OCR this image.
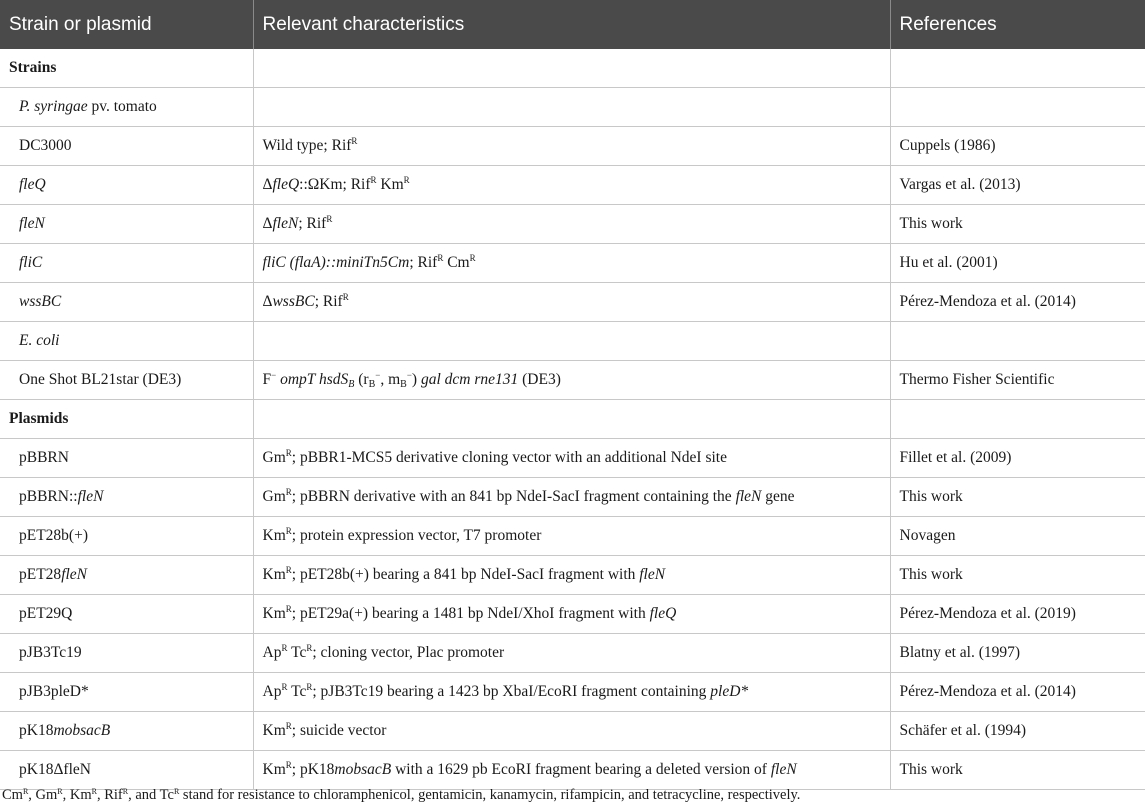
Strain or plasmid	Relevant characteristics	References
Strains		
P. syringae pv. tomato		
DC3000	Wild type; Rif$^R$	Cuppels (1986)
fleQ	ΔfleQ::ΩKm; Rif$^R$ $Km^R$	Vargas et al. (2013)
fleN	ΔfleN; Rif$^R$	This work
fliC	fliC (flaA)::miniTn5Cm; Rif$^R$ $Cm^R$	Hu et al. (2001)
wssBC	ΔwssBC; Rif$^R$	Pérez-Mendoza et al. (2014)
E. coli		
One Shot BL21star (DE3)	F− ompT hsdS$_B$ ($r_B^-$, $m_B^-$) gal dcm rne131 (DE3)	Thermo Fisher Scientific
Plasmids		
pBBRN	$Gm^R$; pBBR1-MCS5 derivative cloning vector with an additional NdeI site	Fillet et al. (2009)
pBBRN::fleN	$Gm^R$; pBBRN derivative with an 841 bp NdeI-SacI fragment containing the fleN gene	This work
pET28b(+)	$Km^R$; protein expression vector, T7 promoter	Novagen
pET28fleN	$Km^R$; pET28b(+) bearing a 841 bp NdeI-SacI fragment with fleN	This work
pET29Q	$Km^R$; pET29a(+) bearing a 1481 bp NdeI/XhoI fragment with fleQ	Pérez-Mendoza et al. (2019)
pJB3Tc19	$Ap^R$ $Tc^R$; cloning vector, Plac promoter	Blatny et al. (1997)
pJB3pleD*	$Ap^R$ $Tc^R$; pJB3Tc19 bearing a 1423 bp XbaI/EcoRI fragment containing pleD*	Pérez-Mendoza et al. (2014)
pK18mobsacB	$Km^R$; suicide vector	Schäfer et al. (1994)
pK18ΔfleN	$Km^R$; pK18mobsacB with a 1629 pb EcoRI fragment bearing a deleted version of fleN	This work
$Cm^R$, $Gm^R$, $Km^R$, Rif$^R$, and $Tc^R$ stand for resistance to chloramphenicol, gentamicin, kanamycin, rifampicin, and tetracycline, respectively.
